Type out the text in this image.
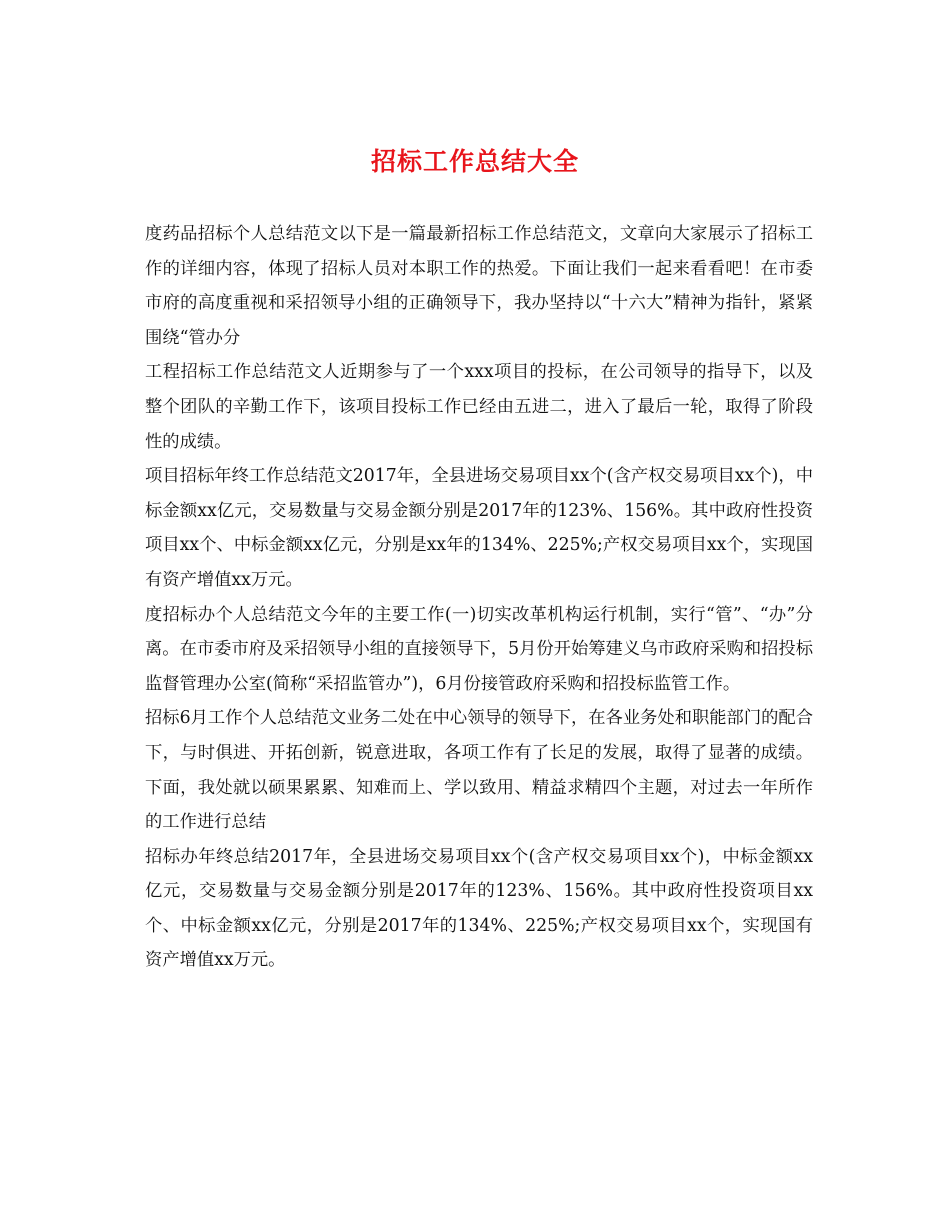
招标工作总结大全

度药品招标个人总结范文以下是一篇最新招标工作总结范文，文章向大家展示了招标工作的详细内容，体现了招标人员对本职工作的热爱。下面让我们一起来看看吧！在市委市府的高度重视和采招领导小组的正确领导下，我办坚持以“十六大”精神为指针，紧紧围绕“管办分

工程招标工作总结范文人近期参与了一个xxx项目的投标，在公司领导的指导下，以及整个团队的辛勤工作下，该项目投标工作已经由五进二，进入了最后一轮，取得了阶段性的成绩。

项目招标年终工作总结范文2017年，全县进场交易项目xx个(含产权交易项目xx个)，中标金额xx亿元，交易数量与交易金额分别是2017年的123%、156%。其中政府性投资项目xx个、中标金额xx亿元，分别是xx年的134%、225%;产权交易项目xx个，实现国有资产增值xx万元。

度招标办个人总结范文今年的主要工作(一)切实改革机构运行机制，实行“管”、“办”分离。在市委市府及采招领导小组的直接领导下，5月份开始筹建义乌市政府采购和招投标监督管理办公室(简称“采招监管办”)，6月份接管政府采购和招投标监管工作。

招标6月工作个人总结范文业务二处在中心领导的领导下，在各业务处和职能部门的配合下，与时俱进、开拓创新，锐意进取，各项工作有了长足的发展，取得了显著的成绩。下面，我处就以硕果累累、知难而上、学以致用、精益求精四个主题，对过去一年所作的工作进行总结

招标办年终总结2017年，全县进场交易项目xx个(含产权交易项目xx个)，中标金额xx亿元，交易数量与交易金额分别是2017年的123%、156%。其中政府性投资项目xx个、中标金额xx亿元，分别是2017年的134%、225%;产权交易项目xx个，实现国有资产增值xx万元。
